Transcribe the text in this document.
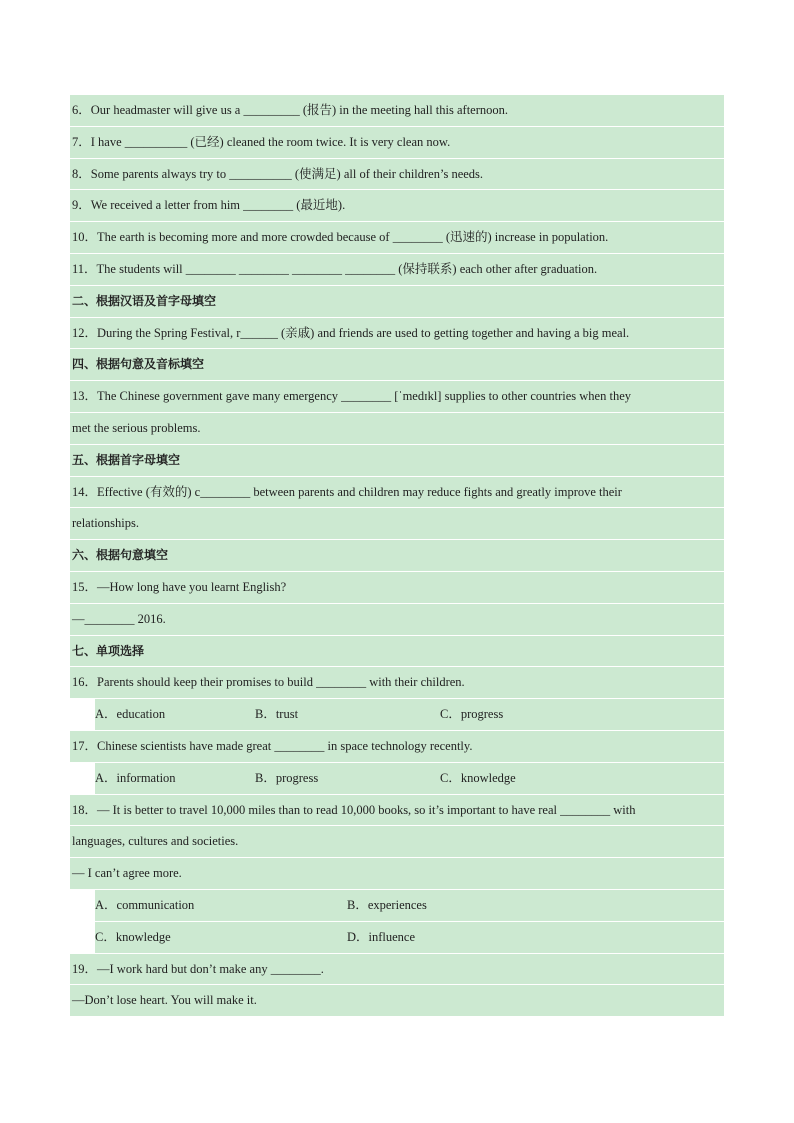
6．Our headmaster will give us a _________ (报告) in the meeting hall this afternoon.
7．I have __________ (已经) cleaned the room twice. It is very clean now.
8．Some parents always try to __________ (使满足) all of their children’s needs.
9．We received a letter from him ________ (最近地).
10．The earth is becoming more and more crowded because of ________ (迅速的) increase in population.
11．The students will ________ ________ ________ ________ (保持联系) each other after graduation.
二、根据汉语及首字母填空
12．During the Spring Festival, r______ (亲戚) and friends are used to getting together and having a big meal.
四、根据句意及音标填空
13．The Chinese government gave many emergency ________ [ˈmedɪkl] supplies to other countries when they
met the serious problems.
五、根据首字母填空
14．Effective (有效的) c________ between parents and children may reduce fights and greatly improve their
relationships.
六、根据句意填空
15．—How long have you learnt English?
—________ 2016.
七、单项选择
16．Parents should keep their promises to build ________ with their children.
A．education	B．trust	C．progress
17．Chinese scientists have made great ________ in space technology recently.
A．information	B．progress	C．knowledge
18．— It is better to travel 10,000 miles than to read 10,000 books, so it’s important to have real ________ with
languages, cultures and societies.
— I can’t agree more.
A．communication	B．experiences
C．knowledge	D．influence
19．—I work hard but don’t make any ________.
—Don’t lose heart. You will make it.
